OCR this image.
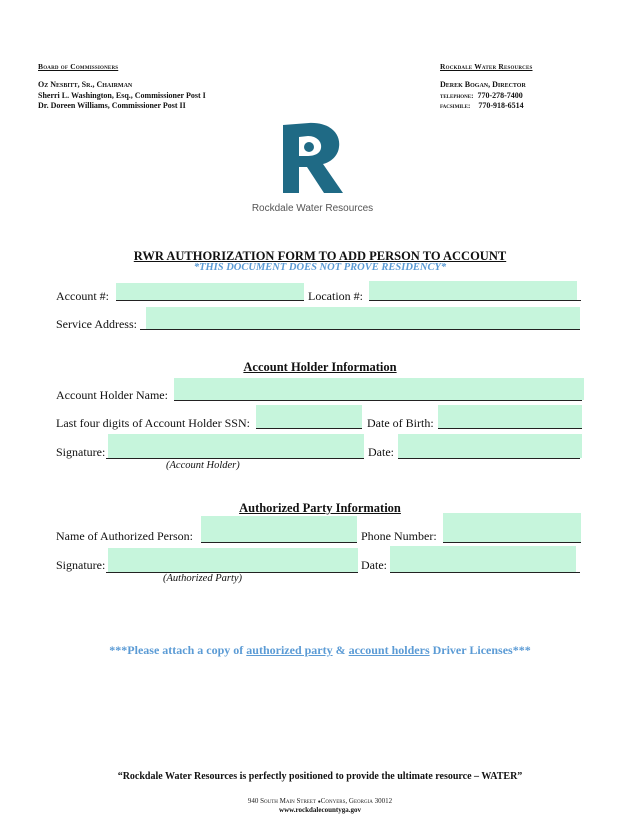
Board of Commissioners
Oz Nesbitt, Sr., Chairman
Sherri L. Washington, Esq., Commissioner Post I
Dr. Doreen Williams, Commissioner Post II
Rockdale Water Resources
Derek Bogan, Director
telephone: 770-278-7400
facsimile: 770-918-6514
Rockdale Water Resources
RWR AUTHORIZATION FORM TO ADD PERSON TO ACCOUNT
*THIS DOCUMENT DOES NOT PROVE RESIDENCY*
Account #:	Location #:
Service Address:
Account Holder Information
Account Holder Name:
Last four digits of Account Holder SSN:	Date of Birth:
Signature:	Date:
(Account Holder)
Authorized Party Information
Name of Authorized Person:	Phone Number:
Signature:	Date:
(Authorized Party)
***Please attach a copy of authorized party & account holders Driver Licenses***
“Rockdale Water Resources is perfectly positioned to provide the ultimate resource – WATER”
940 South Main Street ●Conyers, Georgia 30012
www.rockdalecountyga.gov
